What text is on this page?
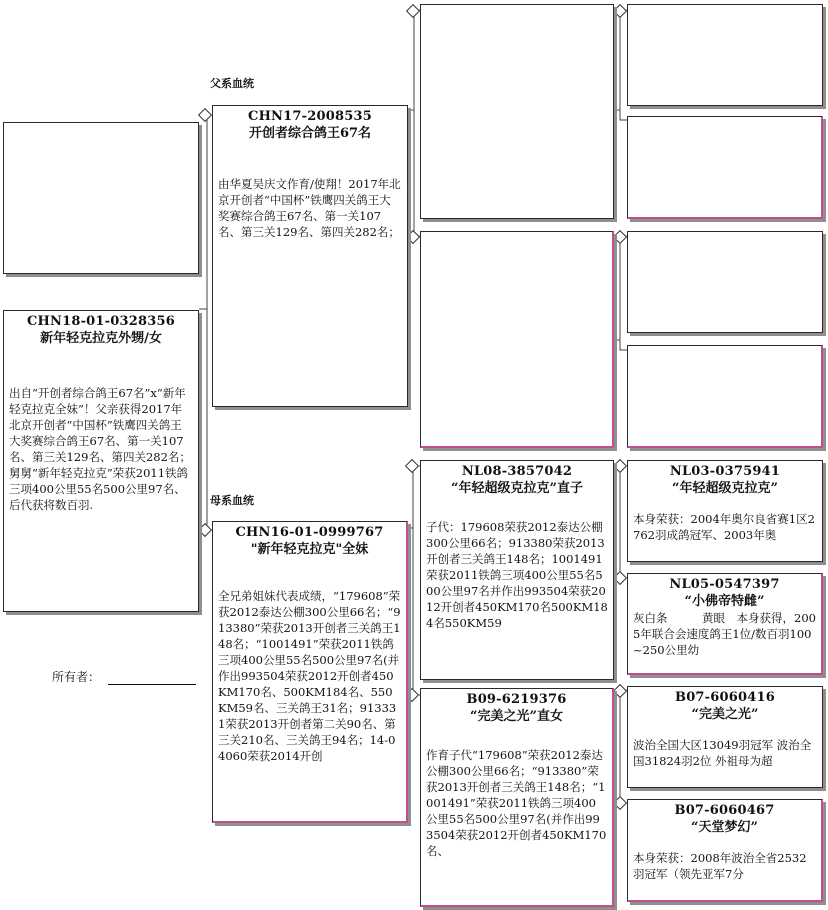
父系血统
母系血统
所有者：
CHN18-01-0328356
新年轻克拉克外甥/女
出自“开创者综合鸽王67名”x“新年轻克拉克全妹”！父亲获得2017年北京开创者“中国杯”铁鹰四关鸽王大奖赛综合鸽王67名、第一关107名、第三关129名、第四关282名；舅舅“新年轻克拉克”荣获2011铁鸽三项400公里55名500公里97名、后代获将数百羽.
CHN17-2008535
开创者综合鸽王67名
由华夏吴庆文作育/使翔！2017年北京开创者“中国杯”铁鹰四关鸽王大奖赛综合鸽王67名、第一关107名、第三关129名、第四关282名；
CHN16-01-0999767
"新年轻克拉克"全妹
全兄弟姐妹代表成绩，“179608”荣获2012泰达公棚300公里66名；“913380”荣获2013开创者三关鸽王148名；“1001491”荣获2011铁鸽三项400公里55名500公里97名(并作出993504荣获2012开创者450KM170名、500KM184名、550KM59名、三关鸽王31名；913331荣获2013开创者第二关90名、第三关210名、三关鸽王94名；14-04060荣获2014开创
NL08-3857042
“年轻超级克拉克”直子
子代：179608荣获2012泰达公棚300公里66名；913380荣获2013开创者三关鸽王148名；1001491荣获2011铁鸽三项400公里55名500公里97名并作出993504荣获2012开创者450KM170名500KM184名550KM59
B09-6219376
“完美之光”直女
作育子代“179608”荣获2012泰达公棚300公里66名；“913380”荣获2013开创者三关鸽王148名；“1001491”荣获2011铁鸽三项400公里55名500公里97名(并作出993504荣获2012开创者450KM170名、
NL03-0375941
“年轻超级克拉克”
本身荣获：2004年奥尔良省赛1区2762羽成鸽冠军、2003年奥
NL05-0547397
“小佛帝特雌”
灰白条　　　黄眼　本身获得，2005年联合会速度鸽王1位/数百羽100~250公里幼
B07-6060416
“完美之光”
波治全国大区13049羽冠军 波治全国31824羽2位 外祖母为超
B07-6060467
“天堂梦幻”
本身荣获：2008年波治全省2532羽冠军（领先亚军7分
